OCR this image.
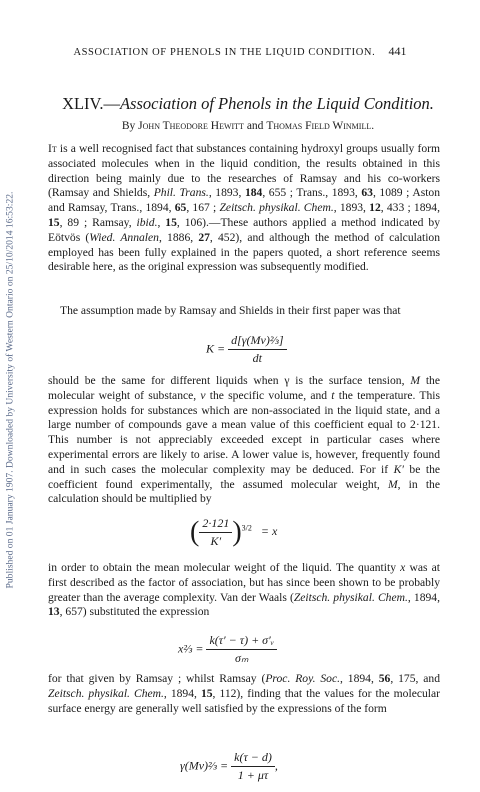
ASSOCIATION OF PHENOLS IN THE LIQUID CONDITION. 441
Published on 01 January 1907. Downloaded by University of Western Ontario on 25/10/2014 16:53:22.
XLIV.—Association of Phenols in the Liquid Condition.
By John Theodore Hewitt and Thomas Field Winmill.
It is a well recognised fact that substances containing hydroxyl groups usually form associated molecules when in the liquid condition, the results obtained in this direction being mainly due to the researches of Ramsay and his co-workers (Ramsay and Shields, Phil. Trans., 1893, 184, 655 ; Trans., 1893, 63, 1089 ; Aston and Ramsay, Trans., 1894, 65, 167 ; Zeitsch. physikal. Chem., 1893, 12, 433 ; 1894, 15, 89 ; Ramsay, ibid., 15, 106).—These authors applied a method indicated by Eötvös (Wied. Annalen, 1886, 27, 452), and although the method of calculation employed has been fully explained in the papers quoted, a short reference seems desirable here, as the original expression was subsequently modified.
The assumption made by Ramsay and Shields in their first paper was that
$K = \frac{\text{d[γ(Mv)⅔]}}{dt}$
should be the same for different liquids when γ is the surface tension, M the molecular weight of substance, v the specific volume, and t the temperature. This expression holds for substances which are non-associated in the liquid state, and a large number of compounds gave a mean value of this coefficient equal to 2·121. This number is not appreciably exceeded except in particular cases where experimental errors are likely to arise. A lower value is, however, frequently found and in such cases the molecular complexity may be deduced. For if K′ be the coefficient found experimentally, the assumed molecular weight, M, in the calculation should be multiplied by
( $\frac{2\cdot 121}{K'} )^{3/2} = x$
in order to obtain the mean molecular weight of the liquid. The quantity x was at first described as the factor of association, but has since been shown to be probably greater than the average complexity. Van der Waals (Zeitsch. physikal. Chem., 1894, 13, 657) substituted the expression
x⅔ = $\frac{\text{k(τ′ − τ) + σ′ᵥ}}{\text{σₘ}}$
for that given by Ramsay ; whilst Ramsay (Proc. Roy. Soc., 1894, 56, 175, and Zeitsch. physikal. Chem., 1894, 15, 112), finding that the values for the molecular surface energy are generally well satisfied by the expressions of the form
γ(Mv)⅔ = $\frac{k(\tau - d)}{1 + \mu\tau}$ ,
